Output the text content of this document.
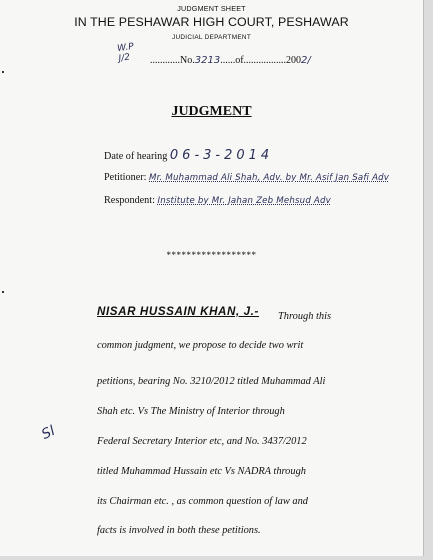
JUDGMENT SHEET
IN THE PESHAWAR HIGH COURT, PESHAWAR
JUDICIAL DEPARTMENT
W.P
J/2	............No.3213......of.................2002/
JUDGMENT
Date of hearing 06-3-2014
Petitioner: Mr. Muhammad Ali Shah, Adv. by Mr. Asif Jan Safi Adv
Respondent: Institute by Mr. Jahan Zeb Mehsud Adv
******************
NISAR HUSSAIN KHAN, J.- Through this
common judgment, we propose to decide two writ
petitions, bearing No. 3210/2012 titled Muhammad Ali
Shah etc. Vs The Ministry of Interior through
Federal Secretary Interior etc, and No. 3437/2012
titled Muhammad Hussain etc Vs NADRA through
its Chairman etc. , as common question of law and
facts is involved in both these petitions.
Sl
